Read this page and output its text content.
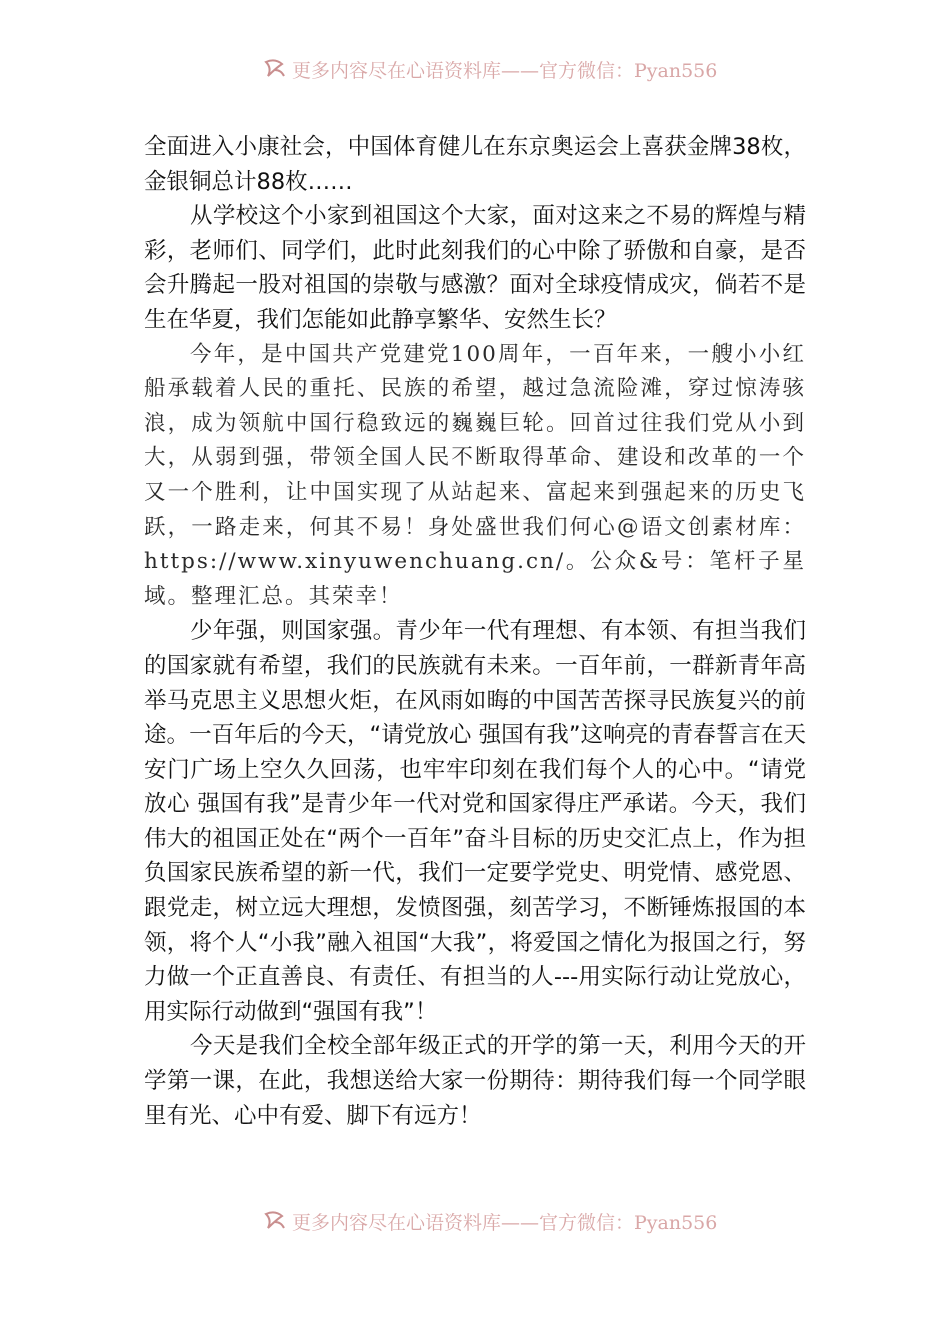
更多内容尽在心语资料库——官方微信：Pyan556

全面进入小康社会，中国体育健儿在东京奥运会上喜获金牌38枚，金银铜总计88枚……

从学校这个小家到祖国这个大家，面对这来之不易的辉煌与精彩，老师们、同学们，此时此刻我们的心中除了骄傲和自豪，是否会升腾起一股对祖国的崇敬与感激？面对全球疫情成灾，倘若不是生在华夏，我们怎能如此静享繁华、安然生长？

今年，是中国共产党建党100周年，一百年来，一艘小小红船承载着人民的重托、民族的希望，越过急流险滩，穿过惊涛骇浪，成为领航中国行稳致远的巍巍巨轮。回首过往我们党从小到大，从弱到强，带领全国人民不断取得革命、建设和改革的一个又一个胜利，让中国实现了从站起来、富起来到强起来的历史飞跃，一路走来，何其不易！身处盛世我们何心@语文创素材库：https://www.xinyuwenchuang.cn/。公众&号：笔杆子星域。整理汇总。其荣幸！

少年强，则国家强。青少年一代有理想、有本领、有担当我们的国家就有希望，我们的民族就有未来。一百年前，一群新青年高举马克思主义思想火炬，在风雨如晦的中国苦苦探寻民族复兴的前途。一百年后的今天，“请党放心 强国有我”这响亮的青春誓言在天安门广场上空久久回荡，也牢牢印刻在我们每个人的心中。“请党放心 强国有我”是青少年一代对党和国家得庄严承诺。今天，我们伟大的祖国正处在“两个一百年”奋斗目标的历史交汇点上，作为担负国家民族希望的新一代，我们一定要学党史、明党情、感党恩、跟党走，树立远大理想，发愤图强，刻苦学习，不断锤炼报国的本领，将个人“小我”融入祖国“大我”，将爱国之情化为报国之行，努力做一个正直善良、有责任、有担当的人---用实际行动让党放心，用实际行动做到“强国有我”！

今天是我们全校全部年级正式的开学的第一天，利用今天的开学第一课，在此，我想送给大家一份期待：期待我们每一个同学眼里有光、心中有爱、脚下有远方！

更多内容尽在心语资料库——官方微信：Pyan556
